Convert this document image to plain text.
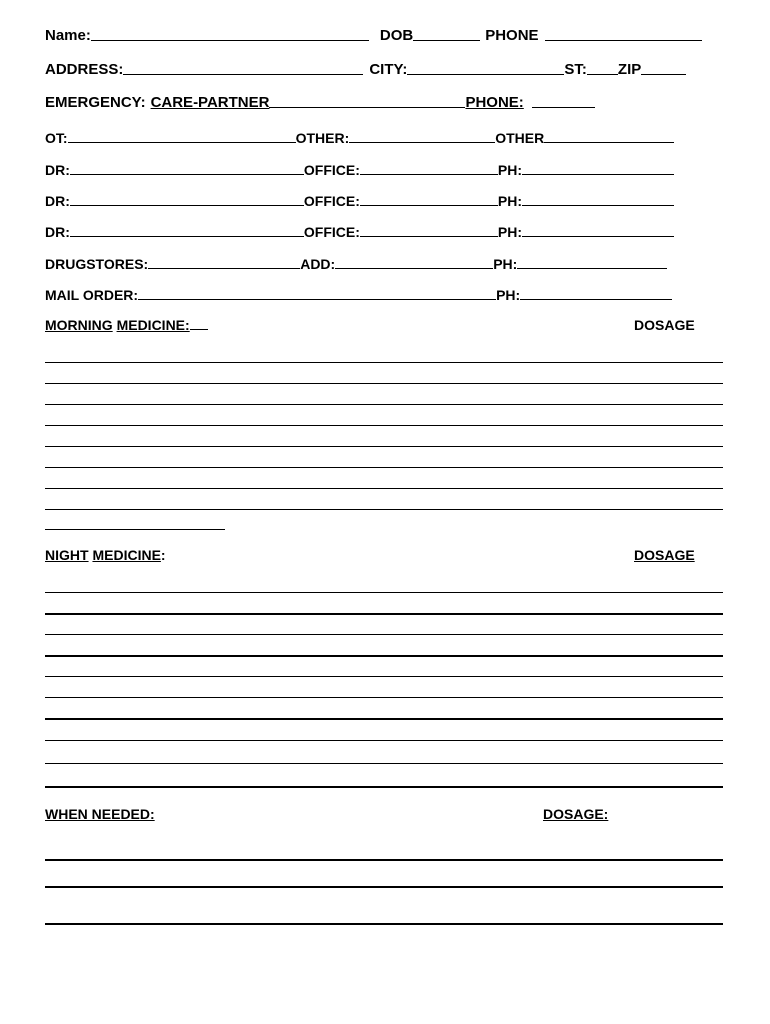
Name:	DOB	PHONE
ADDRESS:	CITY:	ST: ZIP
EMERGENCY: CARE-PARTNER	PHONE:
OT:	OTHER:	OTHER
DR:	OFFICE:	PH:
DR:	OFFICE:	PH:
DR:	OFFICE:	PH:
DRUGSTORES:	ADD:	PH:
MAIL ORDER:	PH:
MORNING MEDICINE:	DOSAGE
NIGHT MEDICINE:	DOSAGE
WHEN NEEDED:	DOSAGE:
